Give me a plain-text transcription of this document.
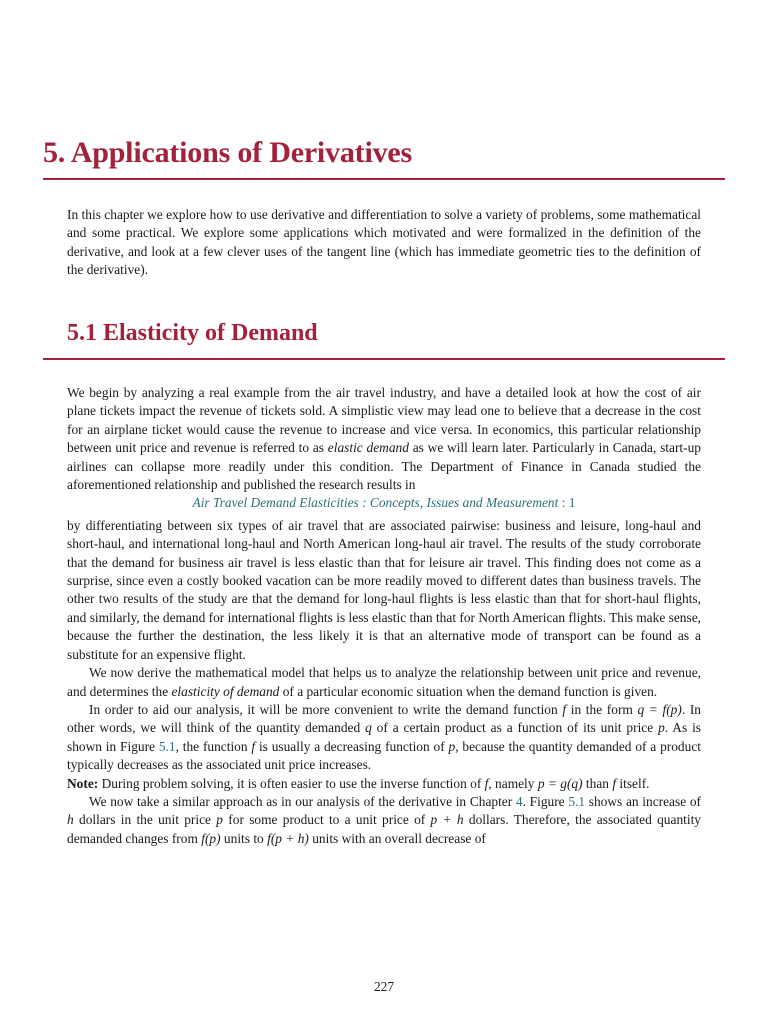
5. Applications of Derivatives

In this chapter we explore how to use derivative and differentiation to solve a variety of problems, some mathematical and some practical. We explore some applications which motivated and were formalized in the definition of the derivative, and look at a few clever uses of the tangent line (which has immediate geometric ties to the definition of the derivative).

5.1 Elasticity of Demand

We begin by analyzing a real example from the air travel industry, and have a detailed look at how the cost of air plane tickets impact the revenue of tickets sold. A simplistic view may lead one to believe that a decrease in the cost for an airplane ticket would cause the revenue to increase and vice versa. In economics, this particular relationship between unit price and revenue is referred to as elastic demand as we will learn later. Particularly in Canada, start-up airlines can collapse more readily under this condition. The Department of Finance in Canada studied the aforementioned relationship and published the research results in

Air Travel Demand Elasticities : Concepts, Issues and Measurement : 1

by differentiating between six types of air travel that are associated pairwise: business and leisure, long-haul and short-haul, and international long-haul and North American long-haul air travel. The results of the study corroborate that the demand for business air travel is less elastic than that for leisure air travel. This finding does not come as a surprise, since even a costly booked vacation can be more readily moved to different dates than business travels. The other two results of the study are that the demand for long-haul flights is less elastic than that for short-haul flights, and similarly, the demand for international flights is less elastic than that for North American flights. This make sense, because the further the destination, the less likely it is that an alternative mode of transport can be found as a substitute for an expensive flight.

We now derive the mathematical model that helps us to analyze the relationship between unit price and revenue, and determines the elasticity of demand of a particular economic situation when the demand function is given.

In order to aid our analysis, it will be more convenient to write the demand function f in the form q = f(p). In other words, we will think of the quantity demanded q of a certain product as a function of its unit price p. As is shown in Figure 5.1, the function f is usually a decreasing function of p, because the quantity demanded of a product typically decreases as the associated unit price increases.

Note: During problem solving, it is often easier to use the inverse function of f, namely p = g(q) than f itself.

We now take a similar approach as in our analysis of the derivative in Chapter 4. Figure 5.1 shows an increase of h dollars in the unit price p for some product to a unit price of p + h dollars. Therefore, the associated quantity demanded changes from f(p) units to f(p + h) units with an overall decrease of

227
